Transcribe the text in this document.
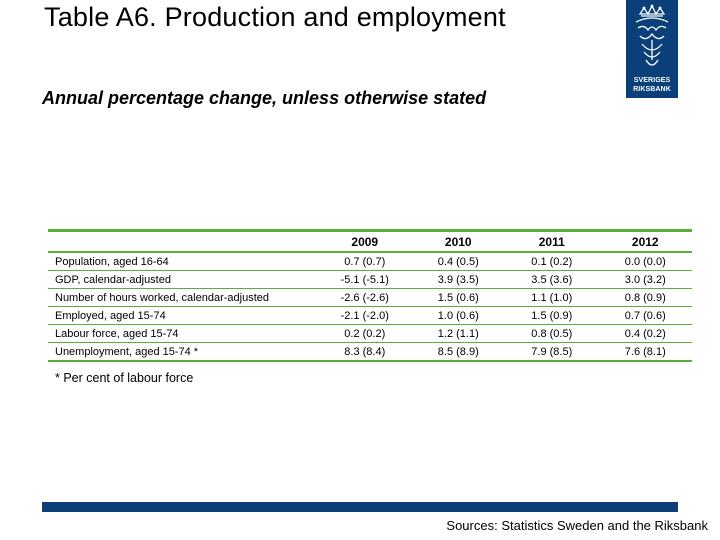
Table A6. Production and employment
Annual percentage change, unless otherwise stated
SVERIGES
RIKSBANK
	2009	2010	2011	2012
Population, aged 16-64	0.7 (0.7)	0.4 (0.5)	0.1 (0.2)	0.0 (0.0)
GDP, calendar-adjusted	-5.1 (-5.1)	3.9 (3.5)	3.5 (3.6)	3.0 (3.2)
Number of hours worked, calendar-adjusted	-2.6 (-2.6)	1.5 (0.6)	1.1 (1.0)	0.8 (0.9)
Employed, aged 15-74	-2.1 (-2.0)	1.0 (0.6)	1.5 (0.9)	0.7 (0.6)
Labour force, aged 15-74	0.2 (0.2)	1.2 (1.1)	0.8 (0.5)	0.4 (0.2)
Unemployment, aged 15-74 *	8.3 (8.4)	8.5 (8.9)	7.9 (8.5)	7.6 (8.1)
* Per cent of labour force
Sources: Statistics Sweden and the Riksbank
